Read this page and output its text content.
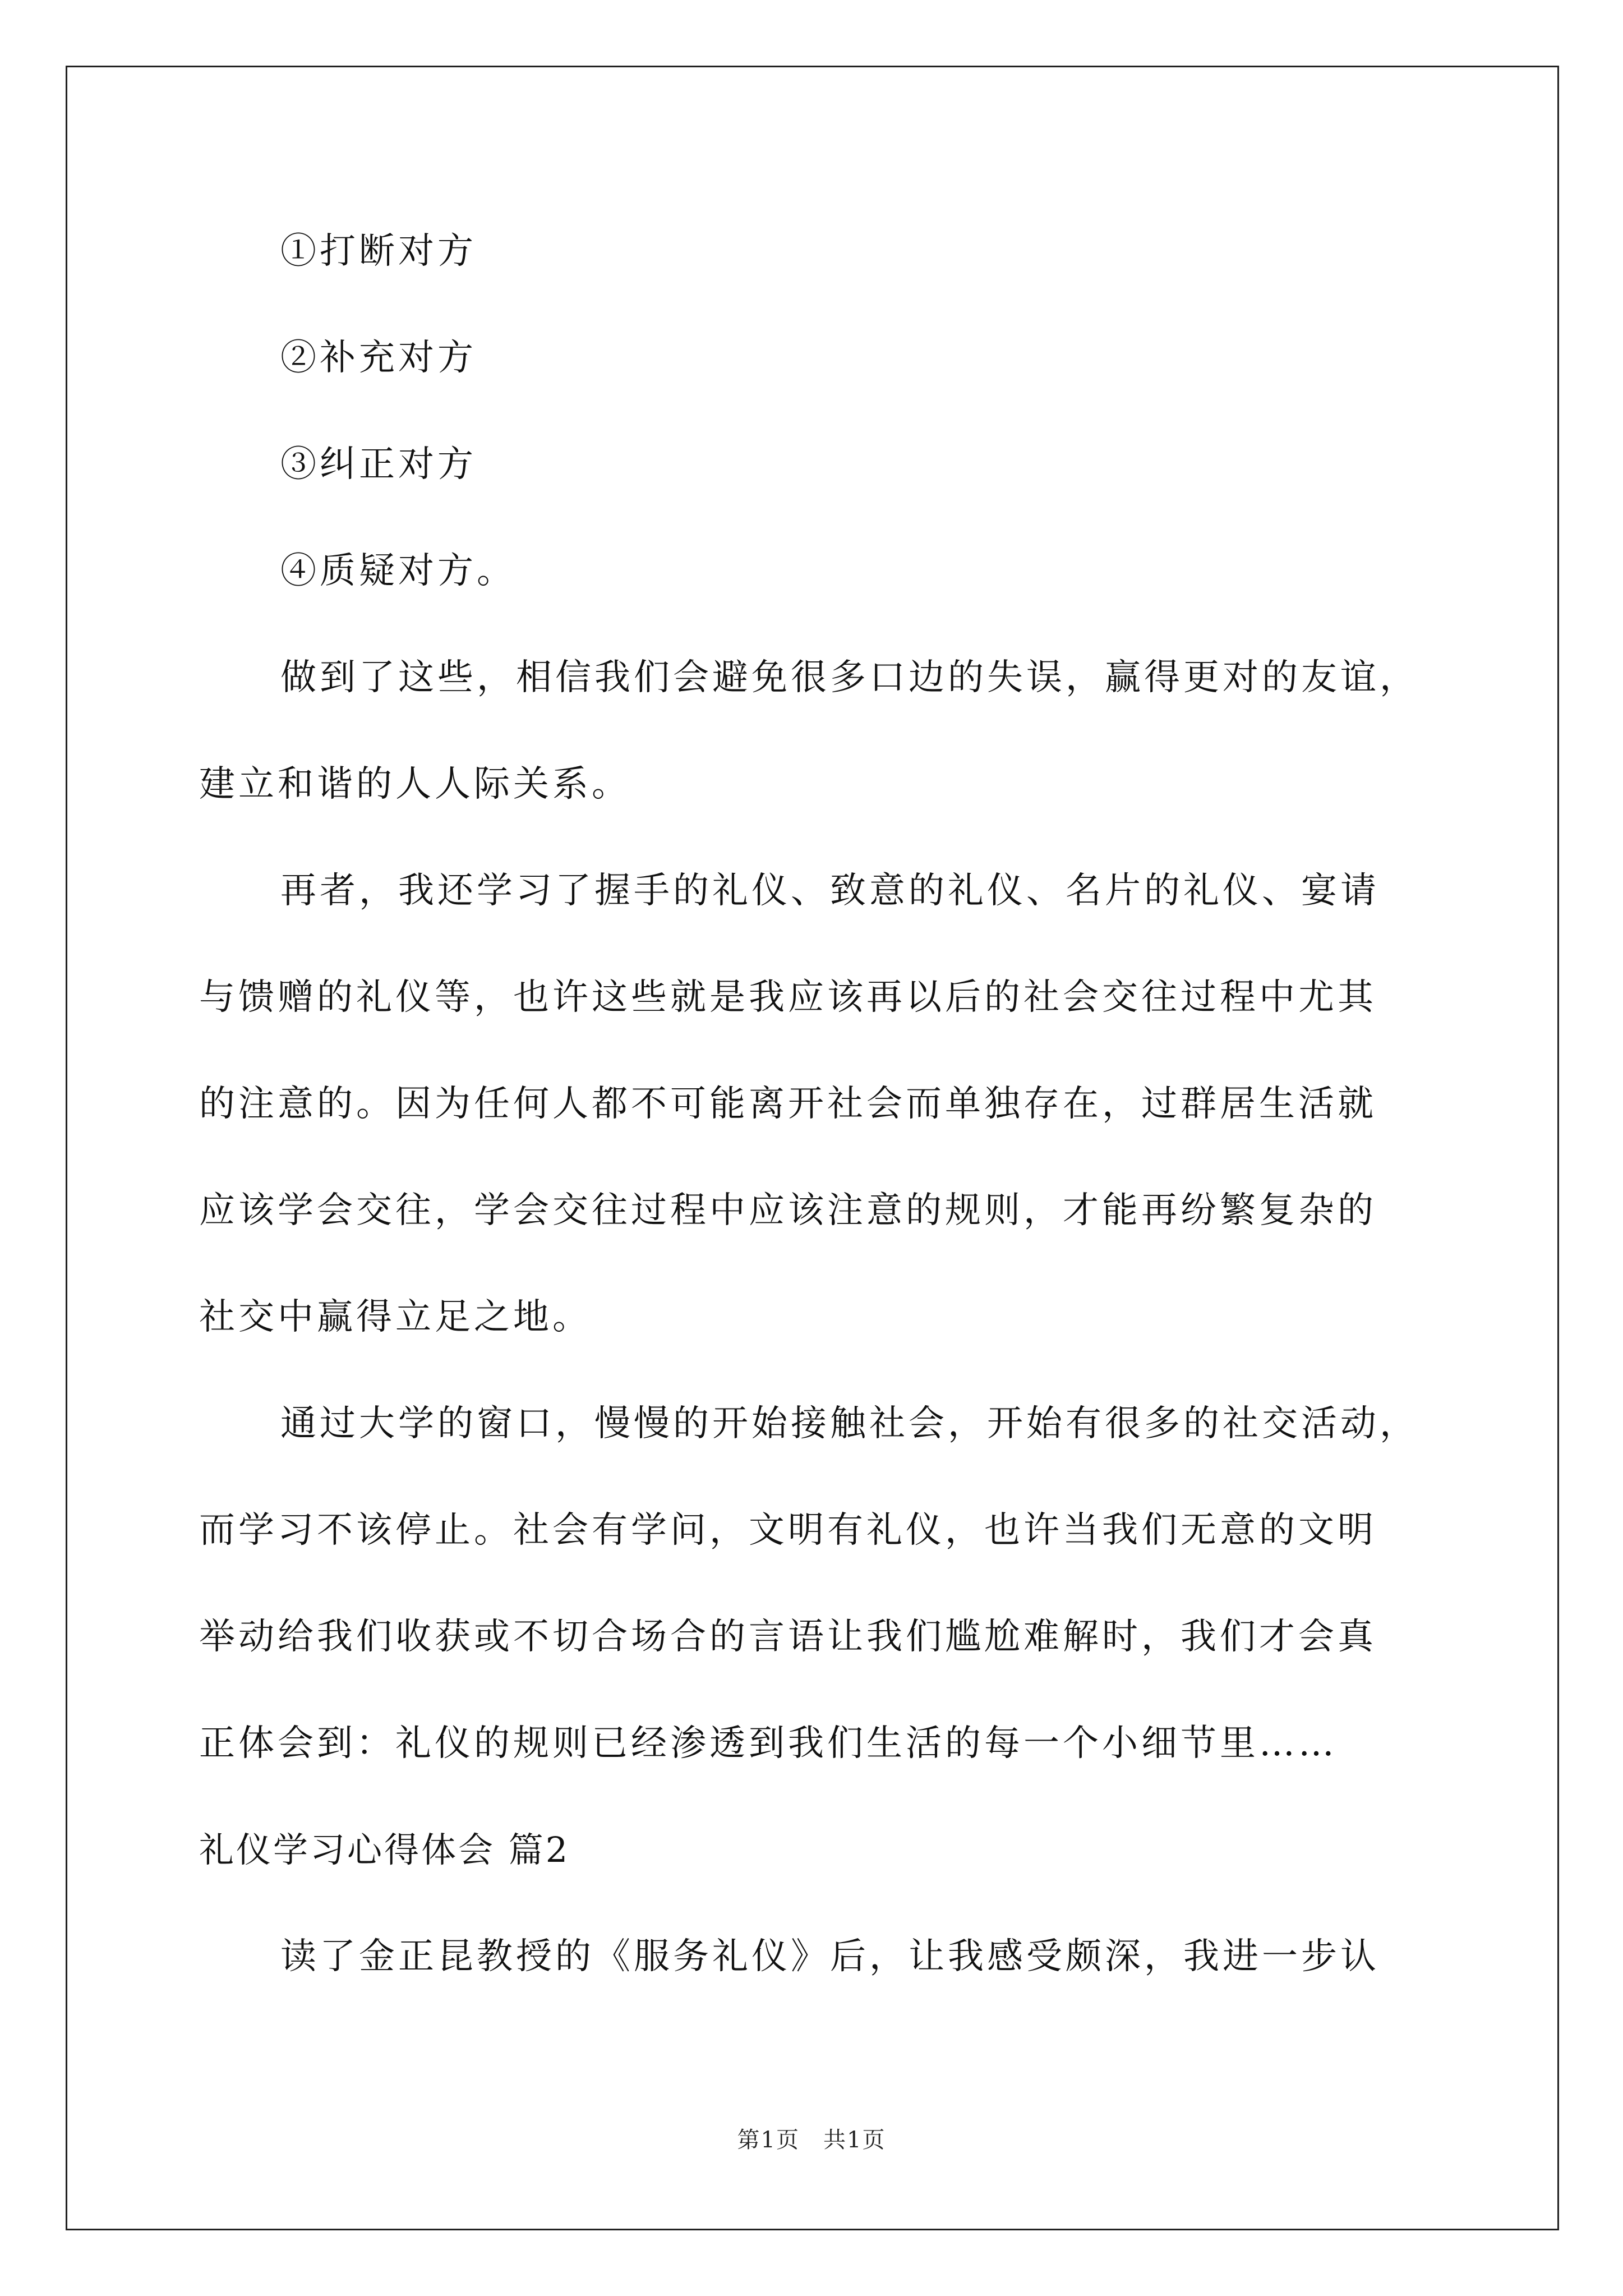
①打断对方
②补充对方
③纠正对方
④质疑对方。
做到了这些，相信我们会避免很多口边的失误，赢得更对的友谊，
建立和谐的人人际关系。
再者，我还学习了握手的礼仪、致意的礼仪、名片的礼仪、宴请
与馈赠的礼仪等，也许这些就是我应该再以后的社会交往过程中尤其
的注意的。因为任何人都不可能离开社会而单独存在，过群居生活就
应该学会交往，学会交往过程中应该注意的规则，才能再纷繁复杂的
社交中赢得立足之地。
通过大学的窗口，慢慢的开始接触社会，开始有很多的社交活动，
而学习不该停止。社会有学问，文明有礼仪，也许当我们无意的文明
举动给我们收获或不切合场合的言语让我们尴尬难解时，我们才会真
正体会到：礼仪的规则已经渗透到我们生活的每一个小细节里……
礼仪学习心得体会 篇2
读了金正昆教授的《服务礼仪》后，让我感受颇深，我进一步认
第1页　共1页
